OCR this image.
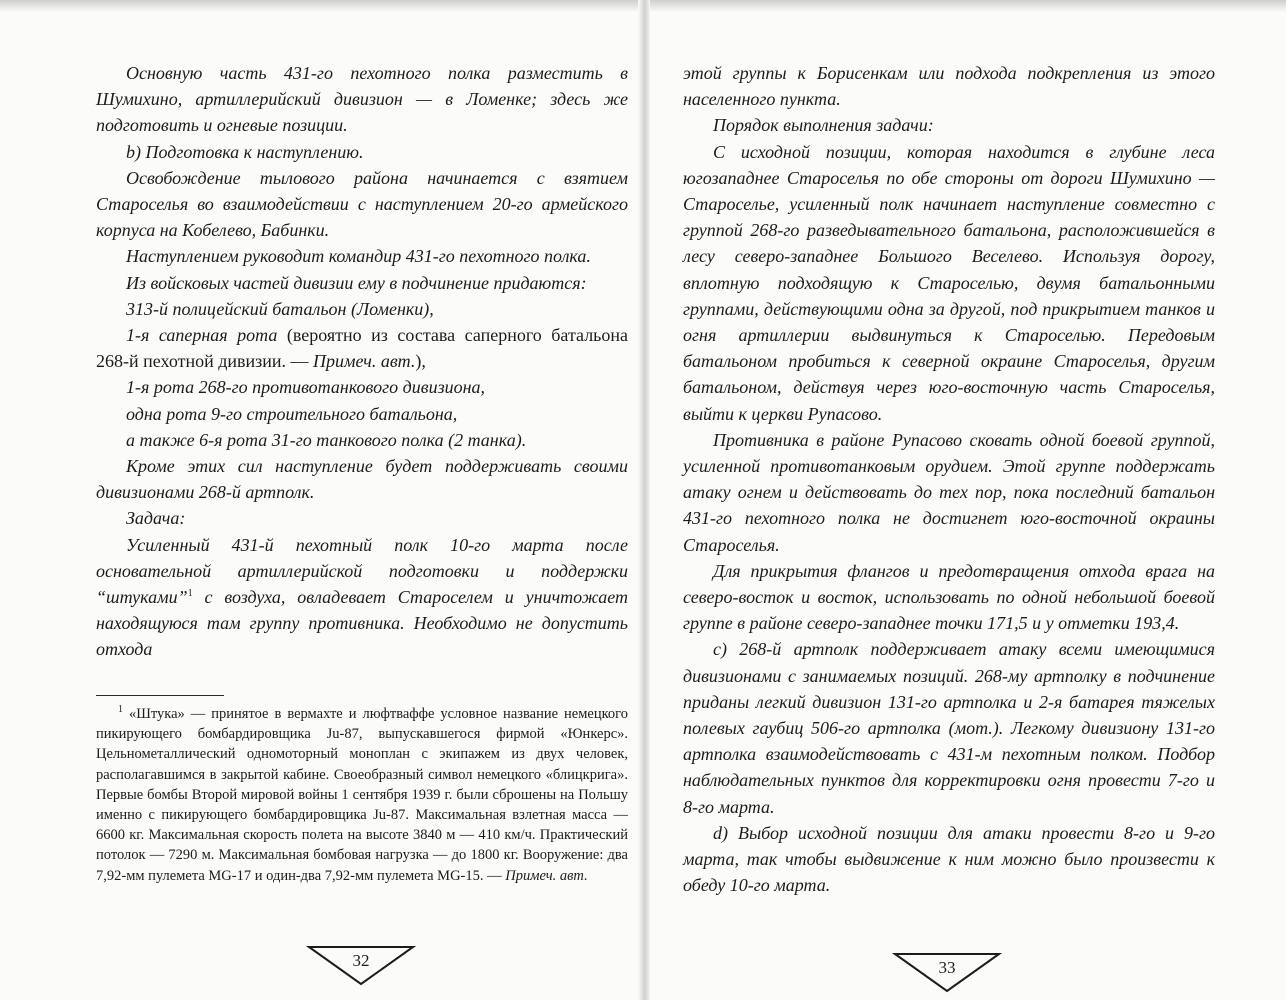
Основную часть 431-го пехотного полка разместить в Шумихино, артиллерийский дивизион — в Ломенке; здесь же подготовить и огневые позиции.

b) Подготовка к наступлению.

Освобождение тылового района начинается с взятием Староселья во взаимодействии с наступлением 20-го армейского корпуса на Кобелево, Бабинки.

Наступлением руководит командир 431-го пехотного полка.

Из войсковых частей дивизии ему в подчинение придаются:

313-й полицейский батальон (Ломенки),

1-я саперная рота (вероятно из состава саперного батальона 268-й пехотной дивизии. — Примеч. авт.),

1-я рота 268-го противотанкового дивизиона,

одна рота 9-го строительного батальона,

а также 6-я рота 31-го танкового полка (2 танка).

Кроме этих сил наступление будет поддерживать своими дивизионами 268-й артполк.

Задача:

Усиленный 431-й пехотный полк 10-го марта после основательной артиллерийской подготовки и поддержки “штуками”$^1$ с воздуха, овладевает Староселем и уничтожает находящуюся там группу противника. Необходимо не допустить отхода

$^1$ «Штука» — принятое в вермахте и люфтваффе условное название немецкого пикирующего бомбардировщика Ju-87, выпускавшегося фирмой «Юнкерс». Цельнометаллический одномоторный моноплан с экипажем из двух человек, располагавшимся в закрытой кабине. Своеобразный символ немецкого «блицкрига». Первые бомбы Второй мировой войны 1 сентября 1939 г. были сброшены на Польшу именно с пикирующего бомбардировщика Ju-87. Максимальная взлетная масса — 6600 кг. Максимальная скорость полета на высоте 3840 м — 410 км/ч. Практический потолок — 7290 м. Максимальная бомбовая нагрузка — до 1800 кг. Вооружение: два 7,92-мм пулемета MG-17 и один-два 7,92-мм пулемета MG-15. — Примеч. авт.

32

этой группы к Борисенкам или подхода подкрепления из этого населенного пункта.

Порядок выполнения задачи:

С исходной позиции, которая находится в глубине леса югозападнее Староселья по обе стороны от дороги Шумихино — Староселье, усиленный полк начинает наступление совместно с группой 268-го разведывательного батальона, расположившейся в лесу северо-западнее Большого Веселево. Используя дорогу, вплотную подходящую к Староселью, двумя батальонными группами, действующими одна за другой, под прикрытием танков и огня артиллерии выдвинуться к Староселью. Передовым батальоном пробиться к северной окраине Староселья, другим батальоном, действуя через юго-восточную часть Староселья, выйти к церкви Рупасово.

Противника в районе Рупасово сковать одной боевой группой, усиленной противотанковым орудием. Этой группе поддержать атаку огнем и действовать до тех пор, пока последний батальон 431-го пехотного полка не достигнет юго-восточной окраины Староселья.

Для прикрытия флангов и предотвращения отхода врага на северо-восток и восток, использовать по одной небольшой боевой группе в районе северо-западнее точки 171,5 и у отметки 193,4.

c) 268-й артполк поддерживает атаку всеми имеющимися дивизионами с занимаемых позиций. 268-му артполку в подчинение приданы легкий дивизион 131-го артполка и 2-я батарея тяжелых полевых гаубиц 506-го артполка (мот.). Легкому дивизиону 131-го артполка взаимодействовать с 431-м пехотным полком. Подбор наблюдательных пунктов для корректировки огня провести 7-го и 8-го марта.

d) Выбор исходной позиции для атаки провести 8-го и 9-го марта, так чтобы выдвижение к ним можно было произвести к обеду 10-го марта.

33
